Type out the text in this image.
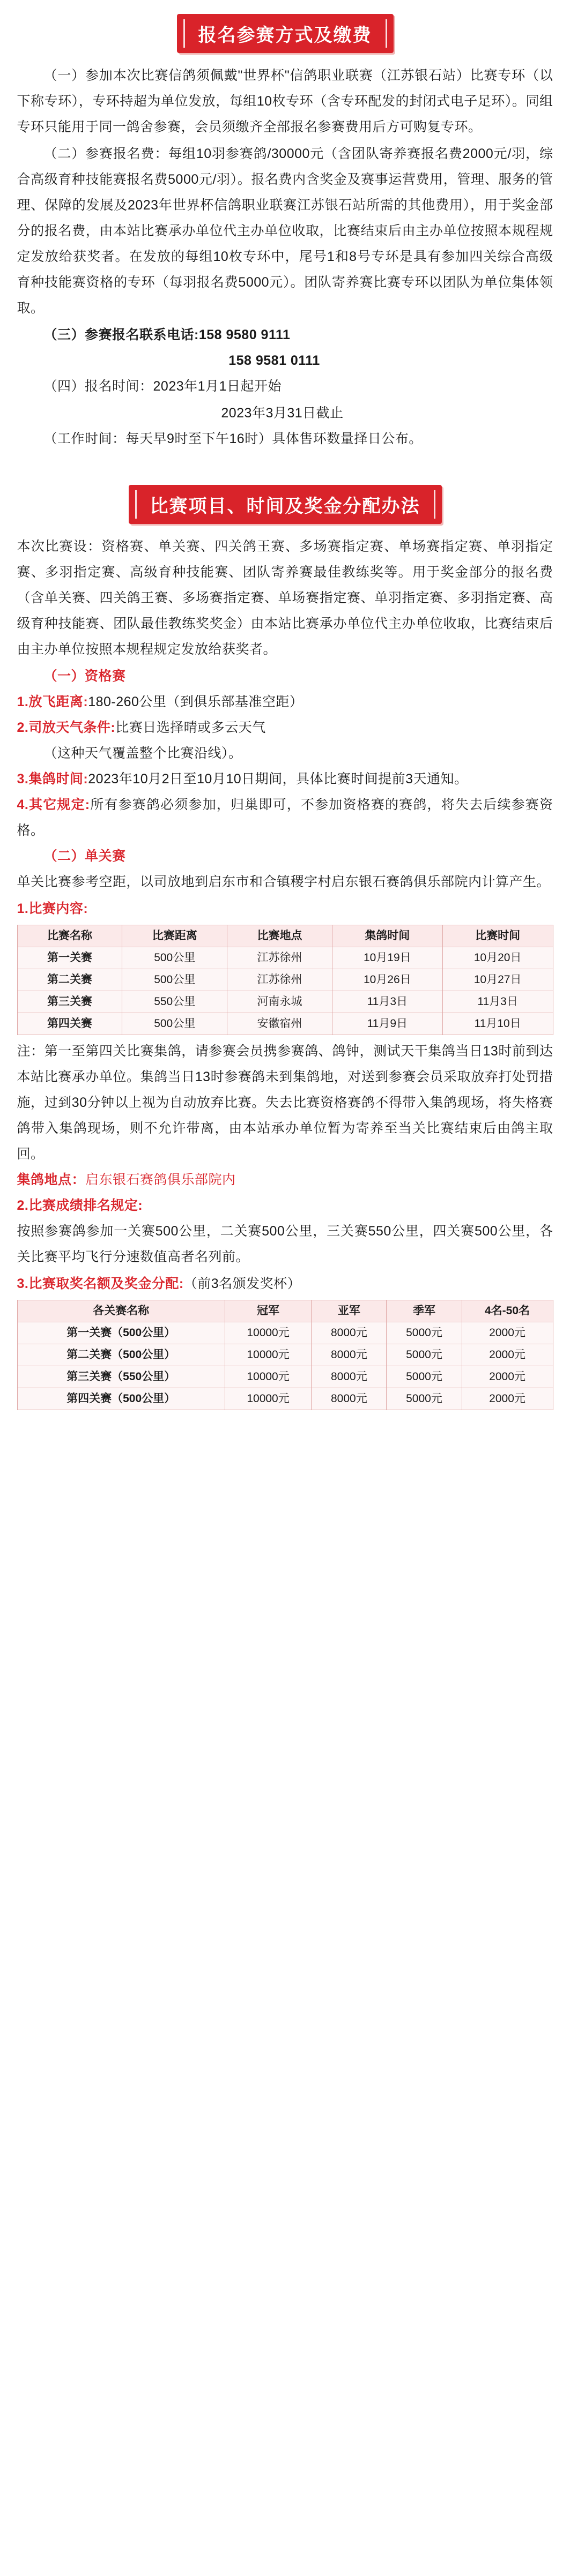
报名参赛方式及缴费

（一）参加本次比赛信鸽须佩戴"世界杯"信鸽职业联赛（江苏银石站）比赛专环（以下称专环），专环持超为单位发放，每组10枚专环（含专环配发的封闭式电子足环）。同组专环只能用于同一鸽舍参赛，会员须缴齐全部报名参赛费用后方可购复专环。

（二）参赛报名费：每组10羽参赛鸽/30000元（含团队寄养赛报名费2000元/羽，综合高级育种技能赛报名费5000元/羽）。报名费内含奖金及赛事运营费用，管理、服务的管理、保障的发展及2023年世界杯信鸽职业联赛江苏银石站所需的其他费用），用于奖金部分的报名费，由本站比赛承办单位代主办单位收取，比赛结束后由主办单位按照本规程规定发放给获奖者。在发放的每组10枚专环中，尾号1和8号专环是具有参加四关综合高级育种技能赛资格的专环（每羽报名费5000元）。团队寄养赛比赛专环以团队为单位集体领取。

（三）参赛报名联系电话:158 9580 9111

158 9581 0111

（四）报名时间：2023年1月1日起开始

2023年3月31日截止

（工作时间：每天早9时至下午16时）具体售环数量择日公布。

比赛项目、时间及奖金分配办法

本次比赛设：资格赛、单关赛、四关鸽王赛、多场赛指定赛、单场赛指定赛、单羽指定赛、多羽指定赛、高级育种技能赛、团队寄养赛最佳教练奖等。用于奖金部分的报名费（含单关赛、四关鸽王赛、多场赛指定赛、单场赛指定赛、单羽指定赛、多羽指定赛、高级育种技能赛、团队最佳教练奖奖金）由本站比赛承办单位代主办单位收取，比赛结束后由主办单位按照本规程规定发放给获奖者。

（一）资格赛

1.放飞距离:180-260公里（到俱乐部基准空距）

2.司放天气条件:比赛日选择晴或多云天气

（这种天气覆盖整个比赛沿线）。

3.集鸽时间:2023年10月2日至10月10日期间，具体比赛时间提前3天通知。

4.其它规定:所有参赛鸽必须参加，归巢即可，不参加资格赛的赛鸽，将失去后续参赛资格。

（二）单关赛

单关比赛参考空距，以司放地到启东市和合镇稷字村启东银石赛鸽俱乐部院内计算产生。

1.比赛内容:

比赛名称	比赛距离	比赛地点	集鸽时间	比赛时间
第一关赛	500公里	江苏徐州	10月19日	10月20日
第二关赛	500公里	江苏徐州	10月26日	10月27日
第三关赛	550公里	河南永城	11月3日	11月3日
第四关赛	500公里	安徽宿州	11月9日	11月10日

注：第一至第四关比赛集鸽，请参赛会员携参赛鸽、鸽钟，测试天干集鸽当日13时前到达本站比赛承办单位。集鸽当日13时参赛鸽未到集鸽地，对送到参赛会员采取放弃打处罚措施，过到30分钟以上视为自动放弃比赛。失去比赛资格赛鸽不得带入集鸽现场，将失格赛鸽带入集鸽现场，则不允许带离，由本站承办单位暂为寄养至当关比赛结束后由鸽主取回。

集鸽地点：启东银石赛鸽俱乐部院内

2.比赛成绩排名规定:

按照参赛鸽参加一关赛500公里，二关赛500公里，三关赛550公里，四关赛500公里，各关比赛平均飞行分速数值高者名列前。

3.比赛取奖名额及奖金分配:（前3名颁发奖杯）

各关赛名称	冠军	亚军	季军	4名-50名
第一关赛（500公里）	10000元	8000元	5000元	2000元
第二关赛（500公里）	10000元	8000元	5000元	2000元
第三关赛（550公里）	10000元	8000元	5000元	2000元
第四关赛（500公里）	10000元	8000元	5000元	2000元
